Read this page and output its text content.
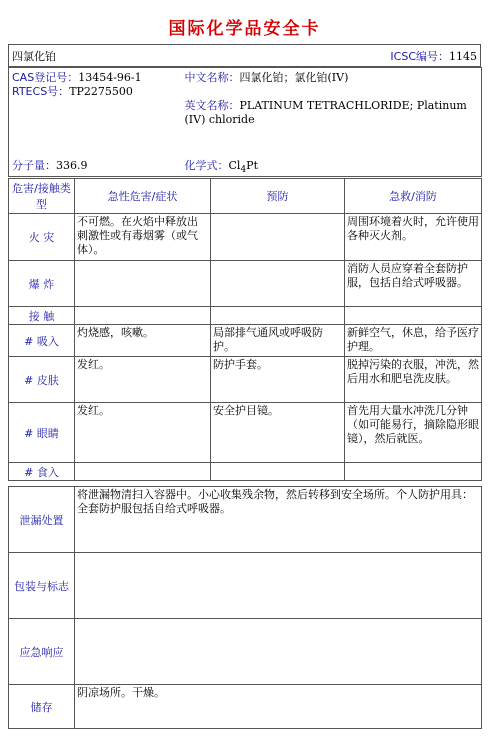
国际化学品安全卡
四氯化铂	ICSC编号：1145
CAS登记号：13454-96-1
RTECS号：TP2275500
分子量：336.9

中文名称：四氯化铂；氯化铂(IV)
英文名称：PLATINUM TETRACHLORIDE; Platinum (IV) chloride
化学式：$Cl_4Pt$
危害/接触类型	急性危害/症状	预防	急救/消防
火 灾	不可燃。在火焰中释放出刺激性或有毒烟雾（或气体）。		周围环境着火时，允许使用各种灭火剂。
爆 炸			消防人员应穿着全套防护服，包括自给式呼吸器。
接 触			
# 吸入	灼烧感，咳嗽。	局部排气通风或呼吸防护。	新鲜空气，休息，给予医疗护理。
# 皮肤	发红。	防护手套。	脱掉污染的衣服，冲洗，然后用水和肥皂洗皮肤。
# 眼睛	发红。	安全护目镜。	首先用大量水冲洗几分钟（如可能易行，摘除隐形眼镜），然后就医。
# 食入			
泄漏处置	将泄漏物清扫入容器中。小心收集残余物，然后转移到安全场所。个人防护用具：全套防护服包括自给式呼吸器。
包装与标志	
应急响应	
储存	阴凉场所。干燥。
